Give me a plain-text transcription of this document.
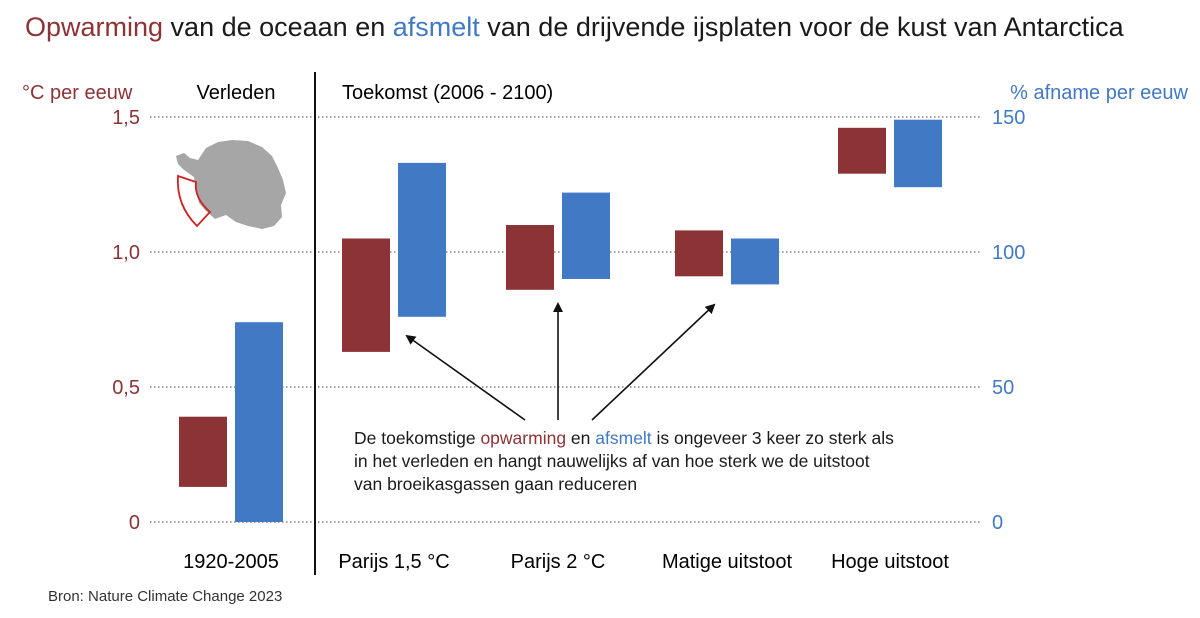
Opwarming van de oceaan en afsmelt van de drijvende ijsplaten voor de kust van Antarctica
°C per eeuw	% afname per eeuw
Verleden	Toekomst (2006 - 2100)
0
0,5
1,0
1,5
0
50
100
150
1920-2005	Parijs 1,5 °C	Parijs 2 °C	Matige uitstoot Hoge uitstoot
De toekomstige opwarming en afsmelt is ongeveer 3 keer zo sterk als in het verleden en hangt nauwelijks af van hoe sterk we de uitstoot van broeikasgassen gaan reduceren
Bron: Nature Climate Change 2023
